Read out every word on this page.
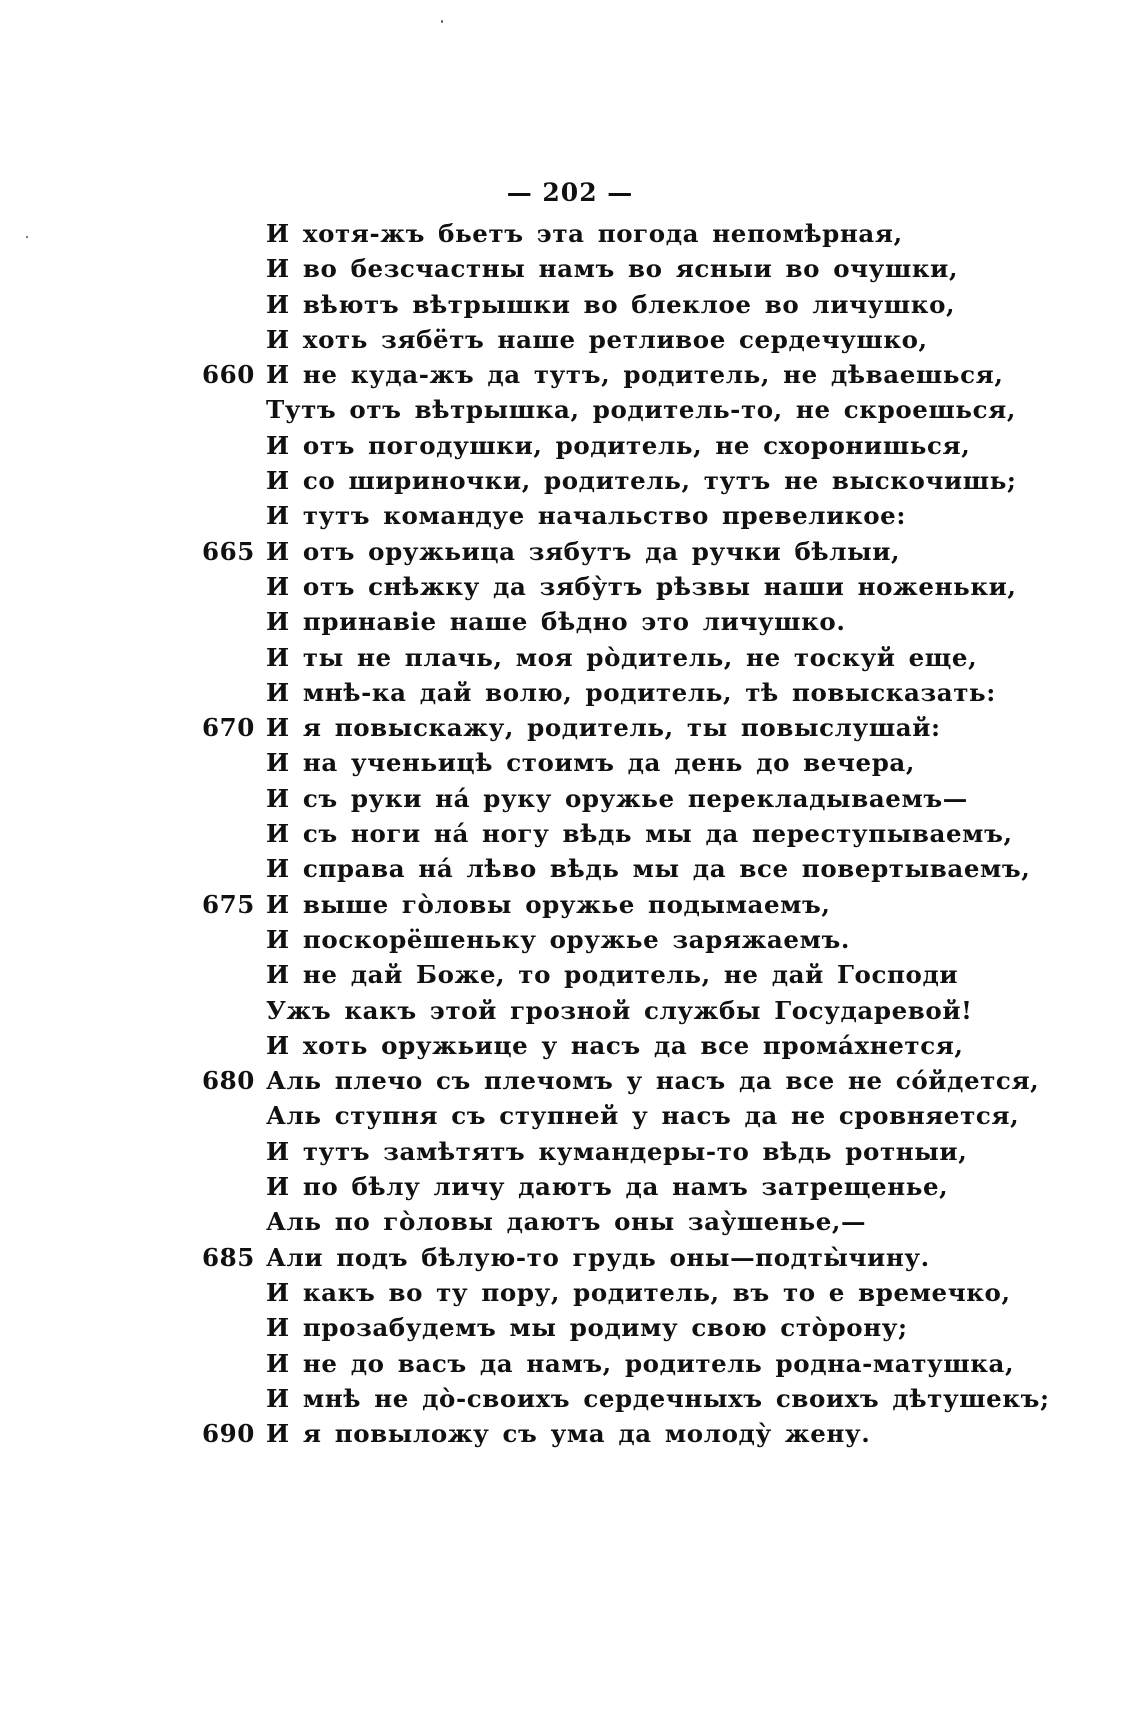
— 202 —
И хотя-жъ бьетъ эта погода непомѣрная,
И во безсчастны намъ во ясныи во очушки,
И вѣютъ вѣтрышки во блеклое во личушко,
И хоть зябётъ наше ретливое сердечушко,
660 И не куда-жъ да тутъ, родитель, не дѣваешься,
Тутъ отъ вѣтрышка, родитель-то, не скроешься,
И отъ погодушки, родитель, не схоронишься,
И со шириночки, родитель, тутъ не выскочишь;
И тутъ командуе начальство превеликое:
665 И отъ оружьица зябутъ да ручки бѣлыи,
И отъ снѣжку да зябу̀тъ рѣзвы наши ноженьки,
И принавіе наше бѣдно это личушко.
И ты не плачь, моя ро̀дитель, не тоскуй еще,
И мнѣ-ка дай волю, родитель, тѣ повысказать:
670 И я повыскажу, родитель, ты повыслушай:
И на ученьицѣ стоимъ да день до вечера,
И съ руки на́ руку оружье перекладываемъ—
И съ ноги на́ ногу вѣдь мы да переступываемъ,
И справа на́ лѣво вѣдь мы да все повертываемъ,
675 И выше го̀ловы оружье подымаемъ,
И поскорёшеньку оружье заряжаемъ.
И не дай Боже, то родитель, не дай Господи
Ужъ какъ этой грозной службы Государевой!
И хоть оружьице у насъ да все прома́хнется,
680 Аль плечо съ плечомъ у насъ да все не со́йдется,
Аль ступня съ ступней у насъ да не сровняется,
И тутъ замѣтятъ кумандеры-то вѣдь ротныи,
И по бѣлу личу даютъ да намъ затрещенье,
Аль по го̀ловы даютъ оны зау̀шенье,—
685 Али подъ бѣлую-то грудь оны—подты̀чину.
И какъ во ту пору, родитель, въ то е времечко,
И прозабудемъ мы родиму свою сто̀рону;
И не до васъ да намъ, родитель родна-матушка,
И мнѣ не до̀-своихъ сердечныхъ своихъ дѣтушекъ;
690 И я повыложу съ ума да молоду̀ жену.
